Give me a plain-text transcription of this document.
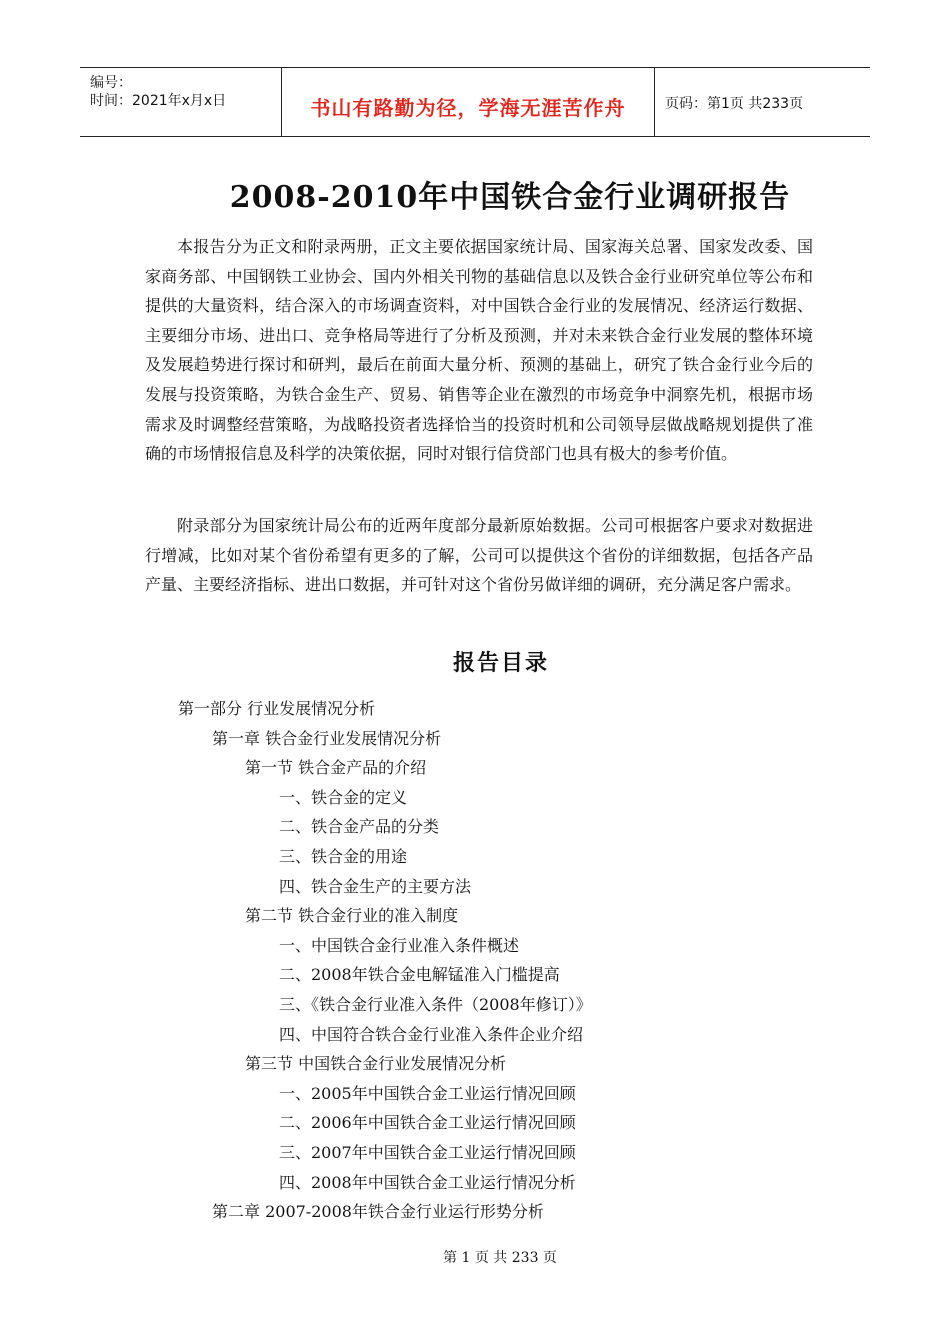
编号：
时间：2021年x月x日	书山有路勤为径，学海无涯苦作舟	页码：第1页 共233页
2008-2010年中国铁合金行业调研报告

本报告分为正文和附录两册，正文主要依据国家统计局、国家海关总署、国家发改委、国家商务部、中国钢铁工业协会、国内外相关刊物的基础信息以及铁合金行业研究单位等公布和提供的大量资料，结合深入的市场调查资料，对中国铁合金行业的发展情况、经济运行数据、主要细分市场、进出口、竞争格局等进行了分析及预测，并对未来铁合金行业发展的整体环境及发展趋势进行探讨和研判，最后在前面大量分析、预测的基础上，研究了铁合金行业今后的发展与投资策略，为铁合金生产、贸易、销售等企业在激烈的市场竞争中洞察先机，根据市场需求及时调整经营策略，为战略投资者选择恰当的投资时机和公司领导层做战略规划提供了准确的市场情报信息及科学的决策依据，同时对银行信贷部门也具有极大的参考价值。

附录部分为国家统计局公布的近两年度部分最新原始数据。公司可根据客户要求对数据进行增减，比如对某个省份希望有更多的了解，公司可以提供这个省份的详细数据，包括各产品产量、主要经济指标、进出口数据，并可针对这个省份另做详细的调研，充分满足客户需求。

报告目录
第一部分 行业发展情况分析
第一章 铁合金行业发展情况分析
第一节 铁合金产品的介绍
一、铁合金的定义
二、铁合金产品的分类
三、铁合金的用途
四、铁合金生产的主要方法
第二节 铁合金行业的准入制度
一、中国铁合金行业准入条件概述
二、2008年铁合金电解锰准入门槛提高
三、《铁合金行业准入条件（2008年修订）》
四、中国符合铁合金行业准入条件企业介绍
第三节 中国铁合金行业发展情况分析
一、2005年中国铁合金工业运行情况回顾
二、2006年中国铁合金工业运行情况回顾
三、2007年中国铁合金工业运行情况回顾
四、2008年中国铁合金工业运行情况分析
第二章 2007-2008年铁合金行业运行形势分析
第 1 页 共 233 页
